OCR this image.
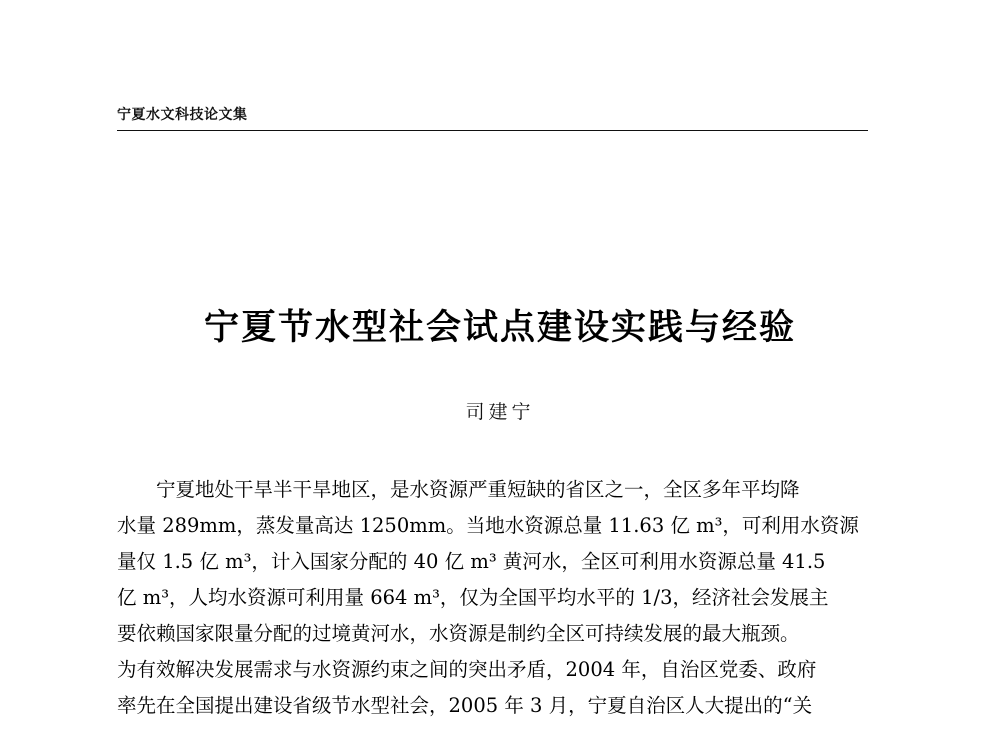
宁夏水文科技论文集
宁夏节水型社会试点建设实践与经验
司建宁
宁夏地处干旱半干旱地区，是水资源严重短缺的省区之一，全区多年平均降
水量 289mm，蒸发量高达 1250mm。当地水资源总量 11.63 亿 m³，可利用水资源
量仅 1.5 亿 m³，计入国家分配的 40 亿 m³ 黄河水，全区可利用水资源总量 41.5
亿 m³，人均水资源可利用量 664 m³，仅为全国平均水平的 1/3，经济社会发展主
要依赖国家限量分配的过境黄河水，水资源是制约全区可持续发展的最大瓶颈。
为有效解决发展需求与水资源约束之间的突出矛盾，2004 年，自治区党委、政府
率先在全国提出建设省级节水型社会，2005 年 3 月，宁夏自治区人大提出的“关
